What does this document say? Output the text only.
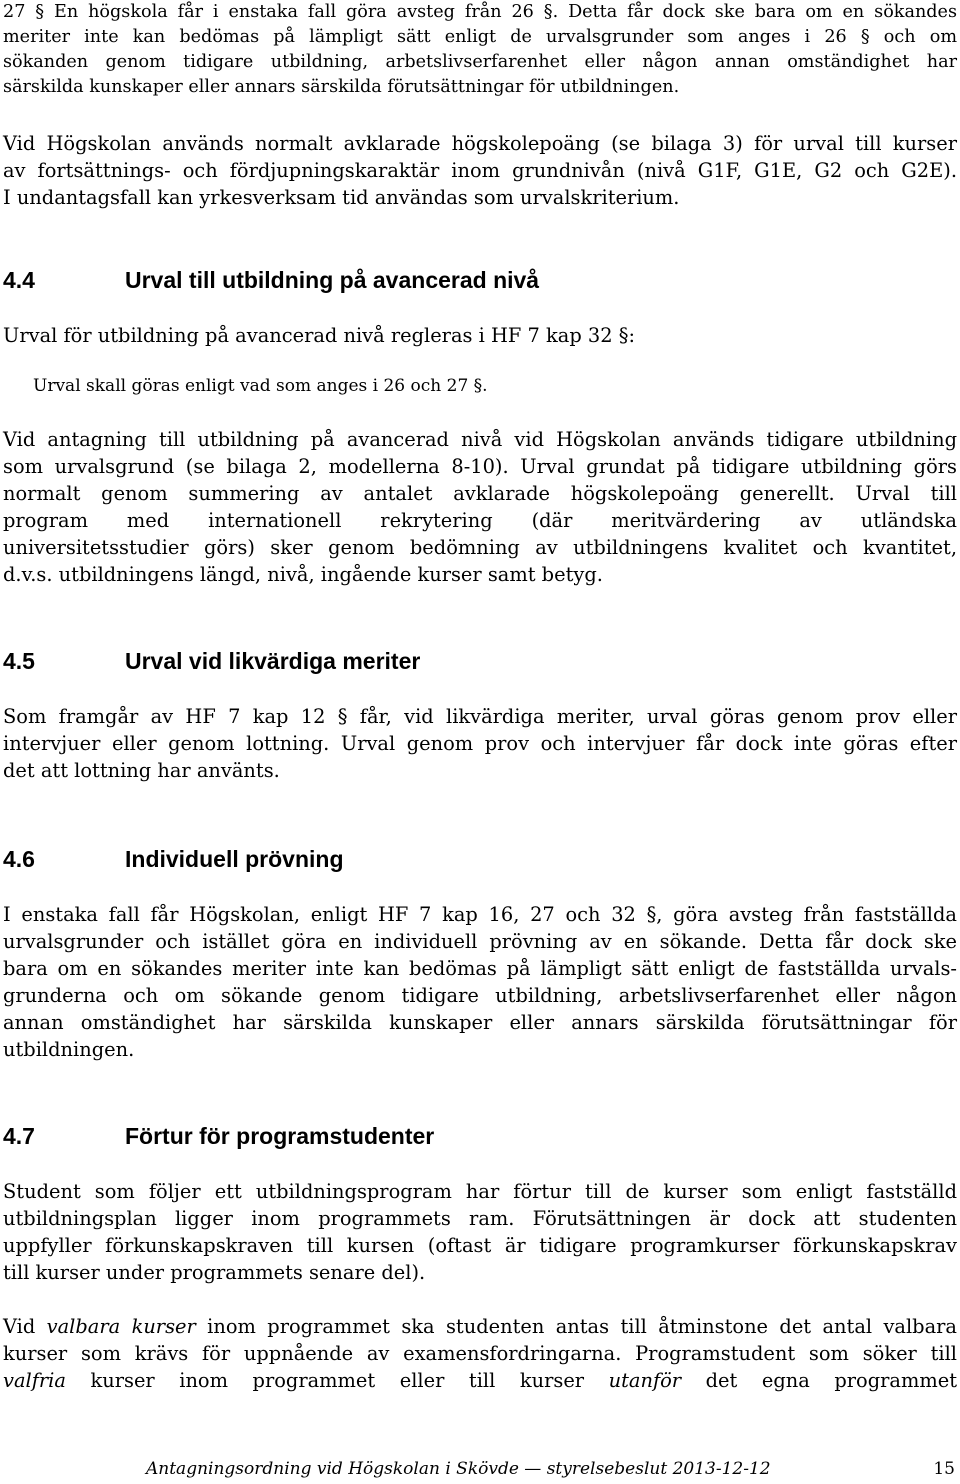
27 § En högskola får i enstaka fall göra avsteg från 26 §. Detta får dock ske bara om en sökandes
meriter inte kan bedömas på lämpligt sätt enligt de urvalsgrunder som anges i 26 § och om
sökanden genom tidigare utbildning, arbetslivserfarenhet eller någon annan omständighet har
särskilda kunskaper eller annars särskilda förutsättningar för utbildningen.
Vid Högskolan används normalt avklarade högskolepoäng (se bilaga 3) för urval till kurser
av fortsättnings- och fördjupningskaraktär inom grundnivån (nivå G1F, G1E, G2 och G2E).
I undantagsfall kan yrkesverksam tid användas som urvalskriterium.
4.4	Urval till utbildning på avancerad nivå
Urval för utbildning på avancerad nivå regleras i HF 7 kap 32 §:
Urval skall göras enligt vad som anges i 26 och 27 §.
Vid antagning till utbildning på avancerad nivå vid Högskolan används tidigare utbildning
som urvalsgrund (se bilaga 2, modellerna 8-10). Urval grundat på tidigare utbildning görs
normalt genom summering av antalet avklarade högskolepoäng generellt. Urval till
program med internationell rekrytering (där meritvärdering av utländska
universitetsstudier görs) sker genom bedömning av utbildningens kvalitet och kvantitet,
d.v.s. utbildningens längd, nivå, ingående kurser samt betyg.
4.5	Urval vid likvärdiga meriter
Som framgår av HF 7 kap 12 § får, vid likvärdiga meriter, urval göras genom prov eller
intervjuer eller genom lottning. Urval genom prov och intervjuer får dock inte göras efter
det att lottning har använts.
4.6	Individuell prövning
I enstaka fall får Högskolan, enligt HF 7 kap 16, 27 och 32 §, göra avsteg från fastställda
urvalsgrunder och istället göra en individuell prövning av en sökande. Detta får dock ske
bara om en sökandes meriter inte kan bedömas på lämpligt sätt enligt de fastställda urvals-
grunderna och om sökande genom tidigare utbildning, arbetslivserfarenhet eller någon
annan omständighet har särskilda kunskaper eller annars särskilda förutsättningar för
utbildningen.
4.7	Förtur för programstudenter
Student som följer ett utbildningsprogram har förtur till de kurser som enligt fastställd
utbildningsplan ligger inom programmets ram. Förutsättningen är dock att studenten
uppfyller förkunskapskraven till kursen (oftast är tidigare programkurser förkunskapskrav
till kurser under programmets senare del).
Vid valbara kurser inom programmet ska studenten antas till åtminstone det antal valbara
kurser som krävs för uppnående av examensfordringarna. Programstudent som söker till
valfria kurser inom programmet eller till kurser utanför det egna programmet
Antagningsordning vid Högskolan i Skövde — styrelsebeslut 2013-12-12	15
